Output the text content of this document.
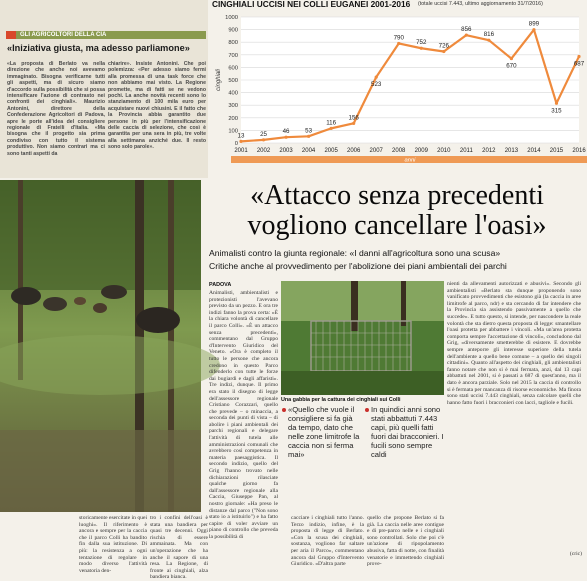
GLI AGRICOLTORI DELLA CIA
«Iniziativa giusta, ma adesso parliamone»
«La proposta di Berlato va nella direzione che anche noi avevamo immaginato. Bisogna verificarne tutti gli aspetti, ma di sicuro siamo d'accordo sulla possibilità che si possa intensificare l'azione di contrasto nei confronti dei cinghiali». Maurizio Antonini, direttore della Confederazione Agricoltori di Padova, apre le porte all'idea del consigliere regionale di Fratelli d'Italia. «Ma bisogna che il progetto sia prima condiviso con tutto il sistema produttivo. Non siamo contrari ma ci sono tanti aspetti da
chiarire». Insiste Antonini. Che poi polemizza: «Per adesso siamo fermi alla promessa di una task force che non abbiamo mai visto. La Regione promette, ma di fatti se ne vedono pochi. La anche novità recenti sono lo stanziamento di 100 mila euro per acquistare nuovi chiusini. E il fatto che la Provincia abbia garantito due persone in più per l'intensificazione delle caccia di selezione, che così è garantita per una sera in più, tre volte alla settimana anziché due. Il resto sono solo parole».
CINGHIALI UCCISI NEI COLLI EUGANEI 2001-2016 (totale uccisi 7.443, ultimo aggiornamento 31/7/2016)
0
100
200
300
400
500
600
700
800
900
1000
cinghiali
2001 2002 2003 2004 2005 2006 2007 2008 2009 2010 2011 2012 2013 2014 2015 2016
anni
13	25	46	53
116
156
523
790
752 726
856
816
670
899
315
687
«Attacco senza precedenti vogliono cancellare l'oasi»
Animalisti contro la giunta regionale: «I danni all'agricoltura sono una scusa»
Critiche anche al provvedimento per l'abolizione dei piani ambientali dei parchi
PADOVA
Animalisti, ambientalisti e protezionisti l'avevano previsto da un pezzo. E ora tre indizi fanno la prova certa: «È la chiara volontà di cancellare il parco Colli». «È un attacco senza precedenti», commentano dal Gruppo d'Intervento Giuridico del Veneto. «Ora è completo il tutto le persone che ancora credono in questo Parco difenderlo con tutte le forze dai bugiardi e dagli affaristi». Tre indizi, dunque. Il primo era stato il disegno di legge dell'assessore regionale Cristiano Corazzari, quello che prevede – o minaccia, a seconda dei punti di vista – di abolire i piani ambientali dei parchi regionali e delegare l'attività di tutela alle amministrazioni comunali che avrebbero così competenza in materia paesaggistica. Il secondo indizio, quello del Grig l'hanno trovato nelle dichiarazioni rilasciate qualche giorno fa dall'assessore regionale alla Caccia, Giuseppe Pan, al nostro giornale: «Ha preso le distanze dal parco ("Non sono stato io a istituirlo") e ha fatto capire di voler avviare un piano di controllo che preveda la possibilità di
Una gabbia per la cattura dei cinghiali sui Colli
«Quello che vuole il consigliere si fa già da tempo, dato che nelle zone limitrofe la caccia non si ferma mai»
In quindici anni sono stati abbattuti 7.443 capi, più quelli fatti fuori dai bracconieri. I fucili sono sempre caldi
storicamente esercitate in quei luoghi». Il riferimento è ancora e sempre per la caccia che il parco Colli ha bandito fin dalla sua istituzione. Di più: la resistenza a ogni tentazione di regolare in modo diverso l'attività venatoria den-
tro i confini dell'oasi è stata una bandiera per quasi tre decenni. Oggi rischia di essere ammainata. Ma con un'operazione che ha anche il sapore di una resa. La Regione, di fronte ai cinghiali, alza bandiera bianca.
cacciare i cinghiali tutto l'anno. Terzo indizio, infine, è la proposta di legge di Berlato. «Con la scusa dei cinghiali, sostanza, vogliono far saltare per aria il Parco», commentano ancora dal Gruppo d'Intervento Giuridico. «D'altra parte
quello che propone Berlato si fa già. La caccia nelle aree contigue e di pre-parco nelle e i cinghiali sono controllati. Solo che poi c'è un'azione di ripopolamento abusiva, fatta di notte, con finalità venatorie e immettendo cinghiali prove-
nienti da allevamenti autorizzati e abusivi». Secondo gli ambientalisti «Berlato sta dunque proponendo sono vanificato provvedimenti che esistono già (la caccia in aree limitrofe al parco, ndr) e sta cercando di far intendere che la Provincia sia assistendo passivamente a quello che succede». E tutto questo, si intende, per nascondere la reale volontà che sta dietro questa proposta di legge: smantellare l'oasi protetta per abbattere i vincoli. «Ma un'area protetta comporta sempre l'accettazione di vincoli», concludono dal Grig, «diversamente smetterebbe di esistere. E dovrebbe sempre anteporre gli interesse superiore della tutela dell'ambiente a quello bene comune – a quello dei singoli cittadini». Quanto all'aspetto dei cinghiali, gli ambientalisti fanno notare che non si è mai fermata, anzi, dal 13 capi abbattuti nel 2001, si è passati a 687 di quest'anno, ma il dato è ancora parziale. Solo nel 2015 la caccia di controllo si è fermata per mancanza di risorse economiche. Ma finora sono stati uccisi 7.443 cinghiali, senza calcolare quelli che hanno fatto fuori i bracconieri con lacci, tagliole e fucili.
(cric)
